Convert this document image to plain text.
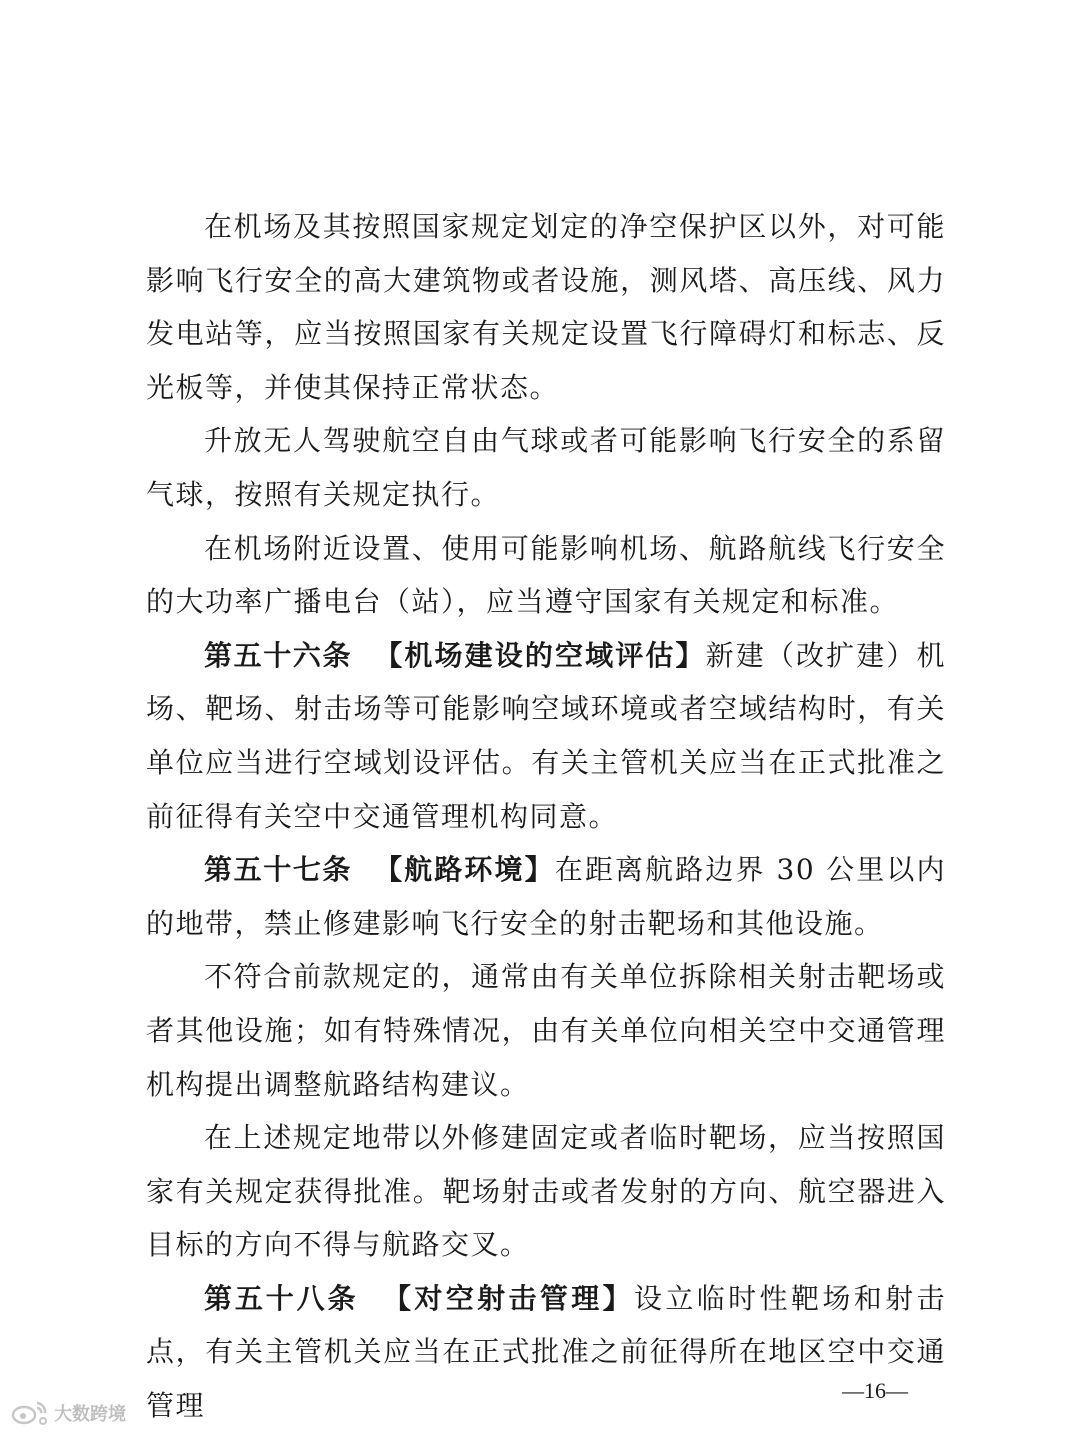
在机场及其按照国家规定划定的净空保护区以外，对可能影响飞行安全的高大建筑物或者设施，测风塔、高压线、风力发电站等，应当按照国家有关规定设置飞行障碍灯和标志、反光板等，并使其保持正常状态。

升放无人驾驶航空自由气球或者可能影响飞行安全的系留气球，按照有关规定执行。

在机场附近设置、使用可能影响机场、航路航线飞行安全的大功率广播电台（站），应当遵守国家有关规定和标准。

第五十六条 【机场建设的空域评估】新建（改扩建）机场、靶场、射击场等可能影响空域环境或者空域结构时，有关单位应当进行空域划设评估。有关主管机关应当在正式批准之前征得有关空中交通管理机构同意。

第五十七条 【航路环境】在距离航路边界 30 公里以内的地带，禁止修建影响飞行安全的射击靶场和其他设施。

不符合前款规定的，通常由有关单位拆除相关射击靶场或者其他设施；如有特殊情况，由有关单位向相关空中交通管理机构提出调整航路结构建议。

在上述规定地带以外修建固定或者临时靶场，应当按照国家有关规定获得批准。靶场射击或者发射的方向、航空器进入目标的方向不得与航路交叉。

第五十八条 【对空射击管理】设立临时性靶场和射击点，有关主管机关应当在正式批准之前征得所在地区空中交通管理	—16—
大数跨境
